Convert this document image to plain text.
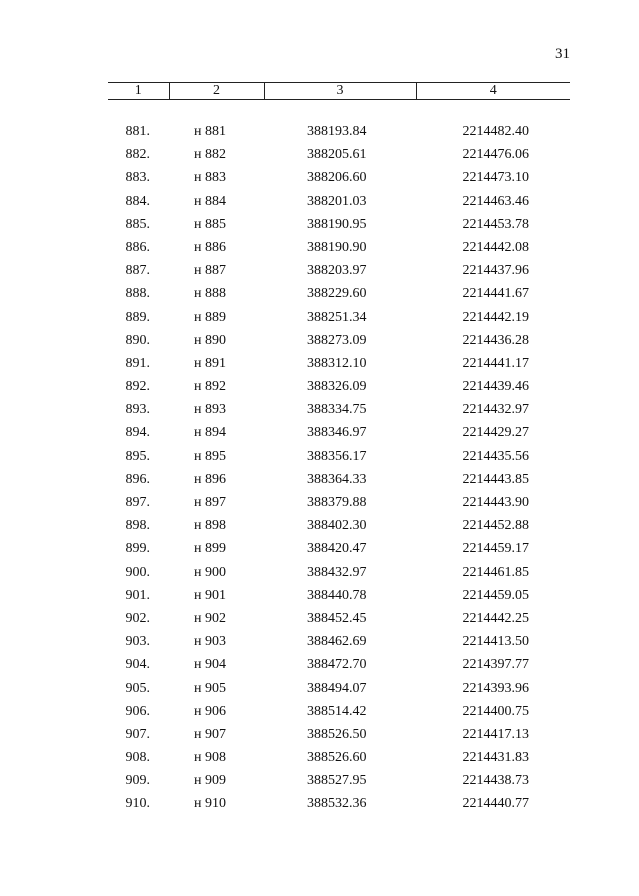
31
1	2	3	4
881.	н 881	388193.84	2214482.40
882.	н 882	388205.61	2214476.06
883.	н 883	388206.60	2214473.10
884.	н 884	388201.03	2214463.46
885.	н 885	388190.95	2214453.78
886.	н 886	388190.90	2214442.08
887.	н 887	388203.97	2214437.96
888.	н 888	388229.60	2214441.67
889.	н 889	388251.34	2214442.19
890.	н 890	388273.09	2214436.28
891.	н 891	388312.10	2214441.17
892.	н 892	388326.09	2214439.46
893.	н 893	388334.75	2214432.97
894.	н 894	388346.97	2214429.27
895.	н 895	388356.17	2214435.56
896.	н 896	388364.33	2214443.85
897.	н 897	388379.88	2214443.90
898.	н 898	388402.30	2214452.88
899.	н 899	388420.47	2214459.17
900.	н 900	388432.97	2214461.85
901.	н 901	388440.78	2214459.05
902.	н 902	388452.45	2214442.25
903.	н 903	388462.69	2214413.50
904.	н 904	388472.70	2214397.77
905.	н 905	388494.07	2214393.96
906.	н 906	388514.42	2214400.75
907.	н 907	388526.50	2214417.13
908.	н 908	388526.60	2214431.83
909.	н 909	388527.95	2214438.73
910.	н 910	388532.36	2214440.77
